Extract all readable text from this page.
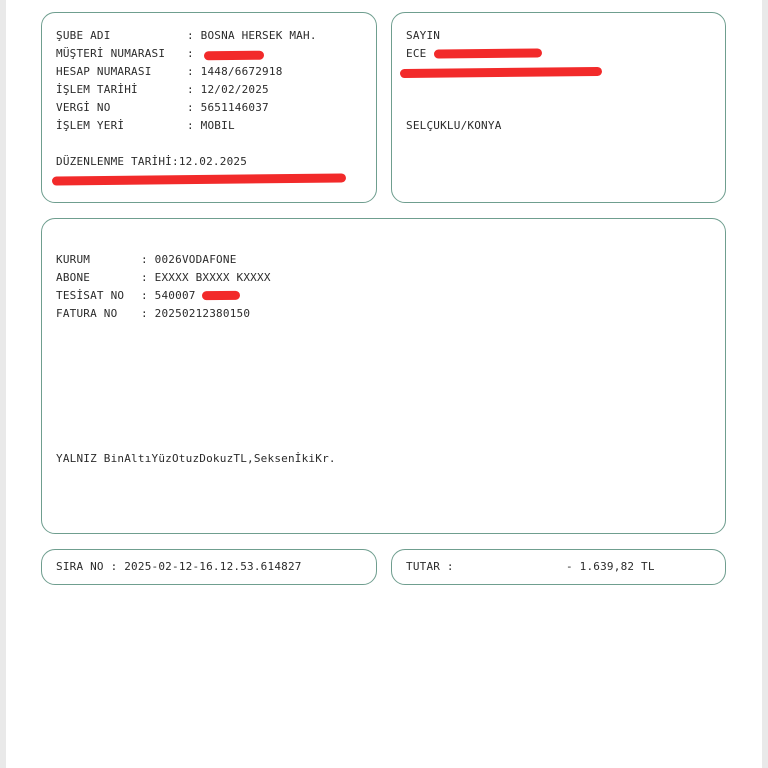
ŞUBE ADI	: BOSNA HERSEK MAH.
MÜŞTERİ NUMARASI :
HESAP NUMARASI	: 1448/6672918
İŞLEM TARİHİ	: 12/02/2025
VERGİ NO	: 5651146037
İŞLEM YERİ	: MOBIL
DÜZENLENME TARİHİ:12.02.2025
SAYIN
ECE
SELÇUKLU/KONYA
KURUM	: 0026VODAFONE
ABONE	: EXXXX BXXXX KXXXX
TESİSAT NO : 540007
FATURA NO : 20250212380150
YALNIZ BinAltıYüzOtuzDokuzTL,SeksenİkiKr.
SIRA NO : 2025-02-12-16.12.53.614827	TUTAR :	- 1.639,82 TL
